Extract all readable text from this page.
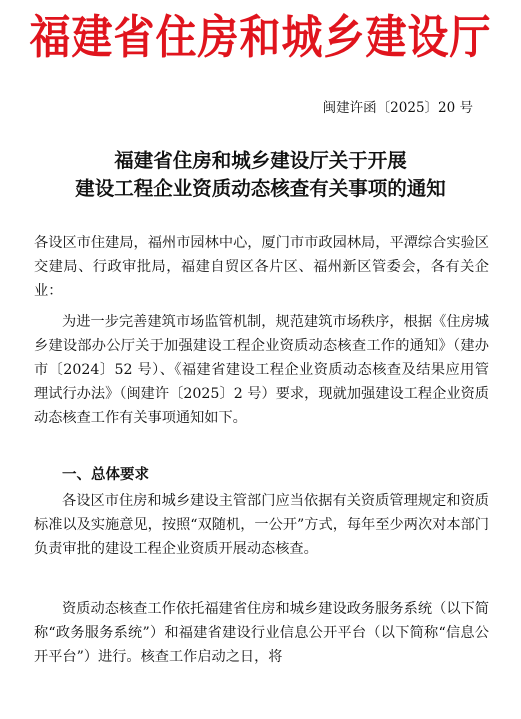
福建省住房和城乡建设厅
闽建许函〔2025〕20 号
福建省住房和城乡建设厅关于开展
建设工程企业资质动态核查有关事项的通知
各设区市住建局，福州市园林中心，厦门市市政园林局，平潭综合实验区交建局、行政审批局，福建自贸区各片区、福州新区管委会，各有关企业：
为进一步完善建筑市场监管机制，规范建筑市场秩序，根据《住房城乡建设部办公厅关于加强建设工程企业资质动态核查工作的通知》（建办市〔2024〕52 号）、《福建省建设工程企业资质动态核查及结果应用管理试行办法》（闽建许〔2025〕2 号）要求，现就加强建设工程企业资质动态核查工作有关事项通知如下。
一、总体要求
各设区市住房和城乡建设主管部门应当依据有关资质管理规定和资质标准以及实施意见，按照“双随机，一公开”方式，每年至少两次对本部门负责审批的建设工程企业资质开展动态核查。
资质动态核查工作依托福建省住房和城乡建设政务服务系统（以下简称“政务服务系统”）和福建省建设行业信息公开平台（以下简称“信息公开平台”）进行。核查工作启动之日，将
